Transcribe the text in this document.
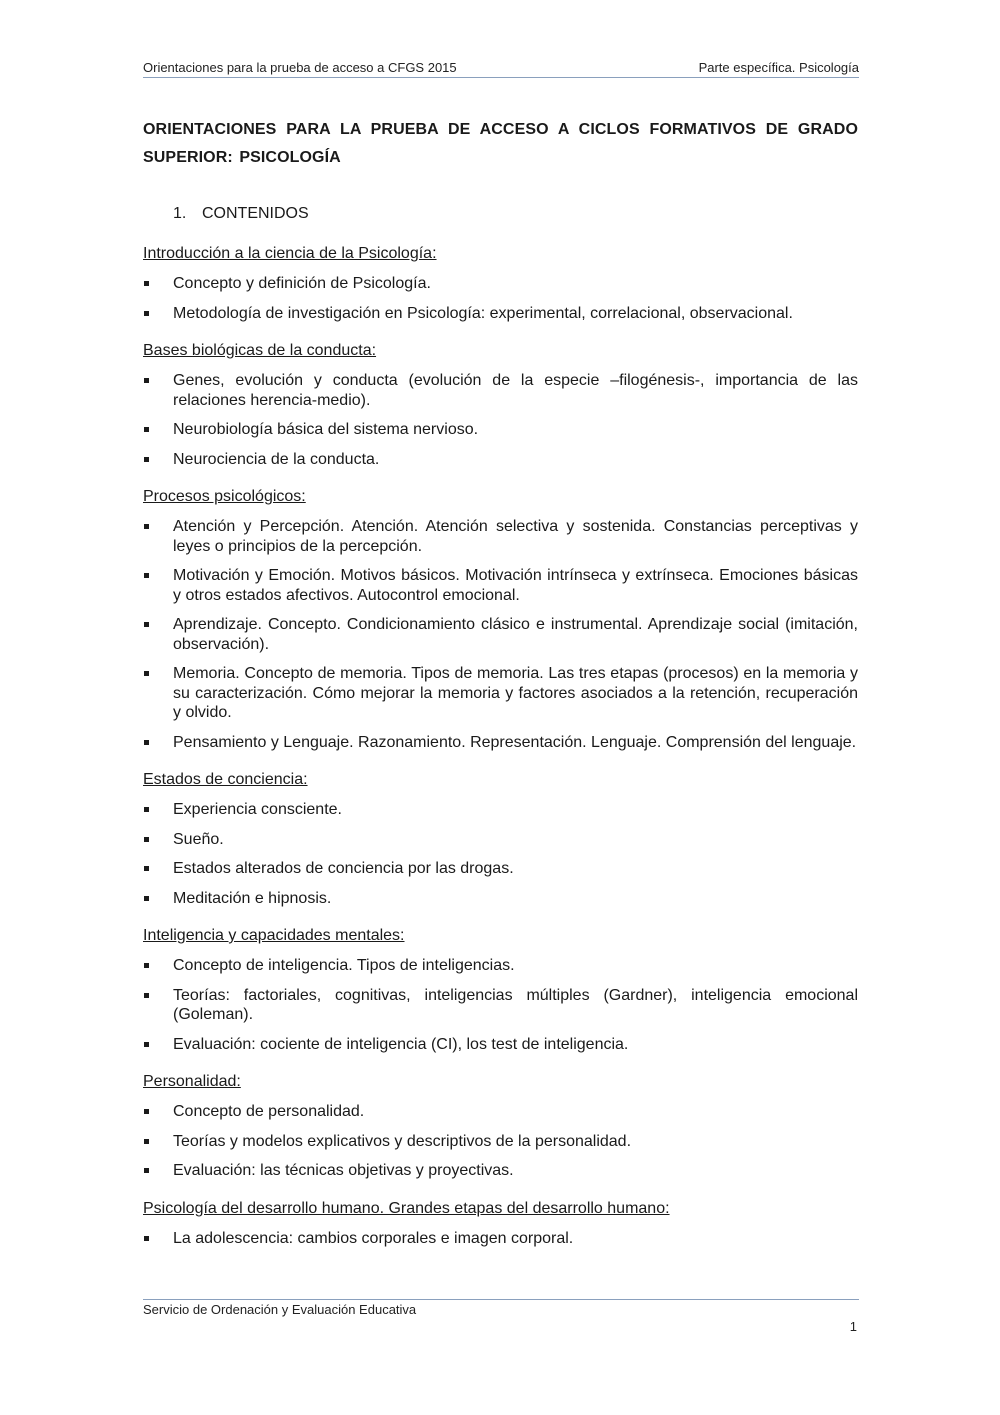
Orientaciones para la prueba de acceso a CFGS 2015	Parte específica. Psicología
ORIENTACIONES PARA LA PRUEBA DE ACCESO A CICLOS FORMATIVOS DE GRADO
SUPERIOR: PSICOLOGÍA
1. CONTENIDOS

Introducción a la ciencia de la Psicología:

Concepto y definición de Psicología.
Metodología de investigación en Psicología: experimental, correlacional, observacional.

Bases biológicas de la conducta:

Genes, evolución y conducta (evolución de la especie –filogénesis-, importancia de las relaciones herencia-medio).
Neurobiología básica del sistema nervioso.
Neurociencia de la conducta.

Procesos psicológicos:

Atención y Percepción. Atención. Atención selectiva y sostenida. Constancias perceptivas y leyes o principios de la percepción.
Motivación y Emoción. Motivos básicos. Motivación intrínseca y extrínseca. Emociones básicas y otros estados afectivos. Autocontrol emocional.
Aprendizaje. Concepto. Condicionamiento clásico e instrumental. Aprendizaje social (imitación, observación).
Memoria. Concepto de memoria. Tipos de memoria. Las tres etapas (procesos) en la memoria y su caracterización. Cómo mejorar la memoria y factores asociados a la retención, recuperación y olvido.
Pensamiento y Lenguaje. Razonamiento. Representación. Lenguaje. Comprensión del lenguaje.

Estados de conciencia:

Experiencia consciente.
Sueño.
Estados alterados de conciencia por las drogas.
Meditación e hipnosis.

Inteligencia y capacidades mentales:

Concepto de inteligencia. Tipos de inteligencias.
Teorías: factoriales, cognitivas, inteligencias múltiples (Gardner), inteligencia emocional (Goleman).
Evaluación: cociente de inteligencia (CI), los test de inteligencia.

Personalidad:

Concepto de personalidad.
Teorías y modelos explicativos y descriptivos de la personalidad.
Evaluación: las técnicas objetivas y proyectivas.

Psicología del desarrollo humano. Grandes etapas del desarrollo humano:

La adolescencia: cambios corporales e imagen corporal.
Servicio de Ordenación y Evaluación Educativa
1
